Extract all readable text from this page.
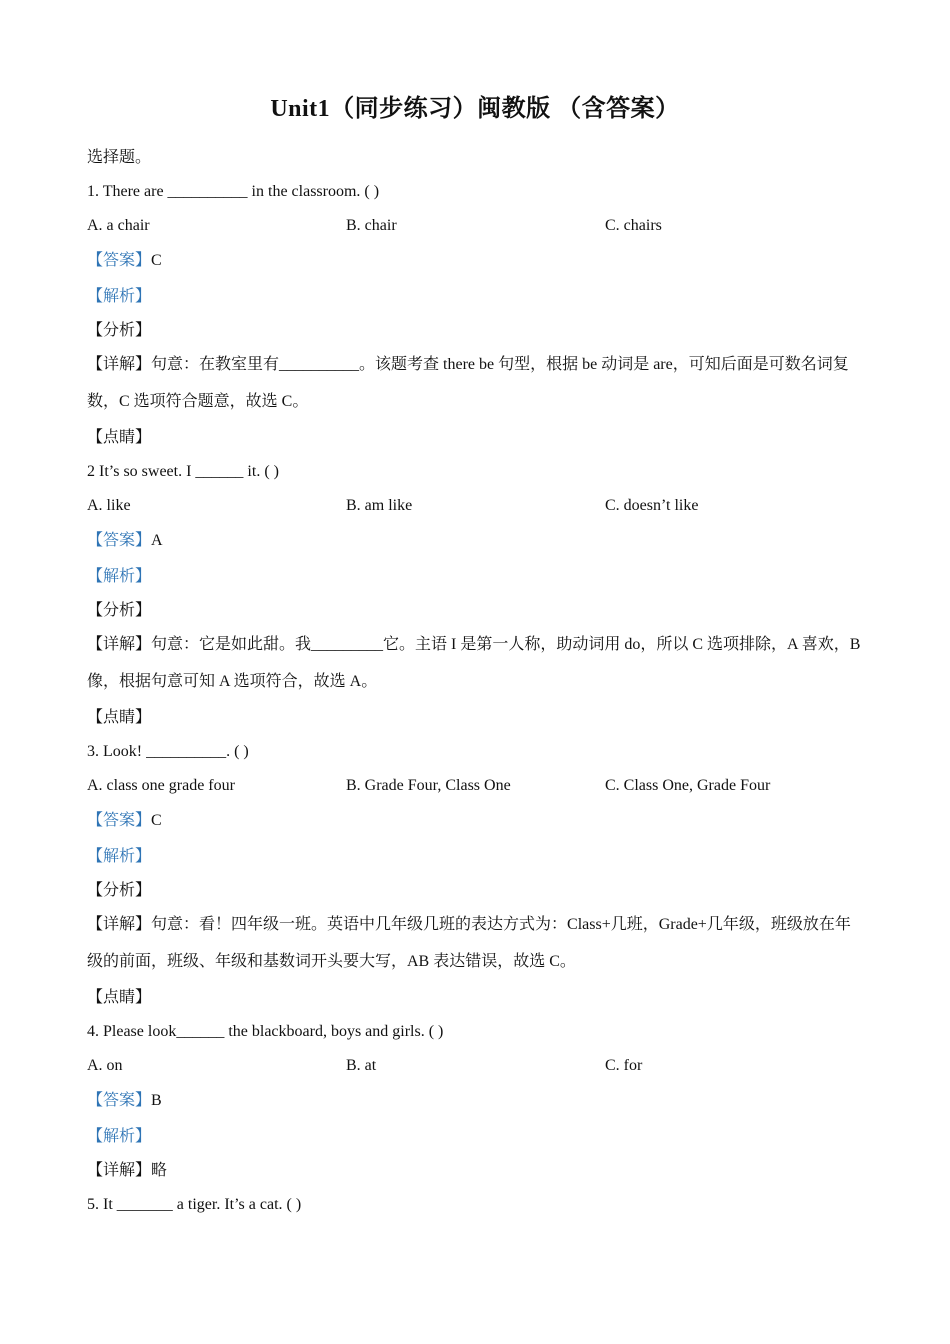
Unit1（同步练习）闽教版 （含答案）
选择题。
1. There are __________ in the classroom. ( )
A. a chair	B. chair	C. chairs
【答案】C
【解析】
【分析】
【详解】句意：在教室里有__________。该题考查 there be 句型，根据 be 动词是 are，可知后面是可数名词复数，C 选项符合题意，故选 C。
【点睛】
2 It’s so sweet. I ______ it. ( )
A. like	B. am like	C. doesn’t like
【答案】A
【解析】
【分析】
【详解】句意：它是如此甜。我_________它。主语 I 是第一人称，助动词用 do，所以 C 选项排除，A 喜欢，B 像，根据句意可知 A 选项符合，故选 A。
【点睛】
3. Look! __________. ( )
A. class one grade four	B. Grade Four, Class One	C. Class One, Grade Four
【答案】C
【解析】
【分析】
【详解】句意：看！四年级一班。英语中几年级几班的表达方式为：Class+几班，Grade+几年级，班级放在年级的前面，班级、年级和基数词开头要大写，AB 表达错误，故选 C。
【点睛】
4. Please look______ the blackboard, boys and girls. ( )
A. on	B. at	C. for
【答案】B
【解析】
【详解】略
5. It _______ a tiger. It’s a cat. ( )
